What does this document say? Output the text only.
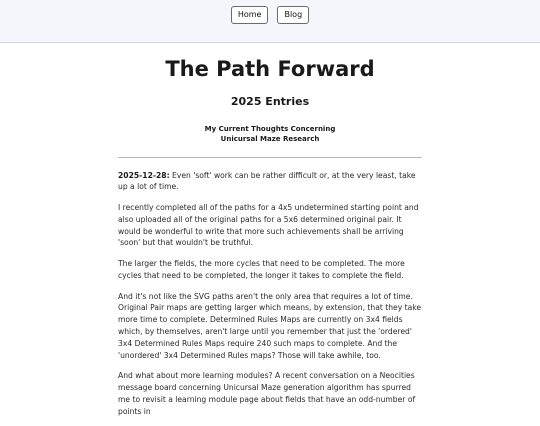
Home	Blog
The Path Forward
2025 Entries
My Current Thoughts Concerning
Unicursal Maze Research

2025-12-28: Even 'soft' work can be rather difficult or, at the very least, take up a lot of time.

I recently completed all of the paths for a 4x5 undetermined starting point and also uploaded all of the original paths for a 5x6 determined original pair. It would be wonderful to write that more such achievements shall be arriving 'soon' but that wouldn't be truthful.

The larger the fields, the more cycles that need to be completed. The more cycles that need to be completed, the longer it takes to complete the field.

And it's not like the SVG paths aren't the only area that requires a lot of time. Original Pair maps are getting larger which means, by extension, that they take more time to complete. Determined Rules Maps are currently on 3x4 fields which, by themselves, aren't large until you remember that just the 'ordered' 3x4 Determined Rules Maps require 240 such maps to complete. And the 'unordered' 3x4 Determined Rules maps? Those will take awhile, too.

And what about more learning modules? A recent conversation on a Neocities message board concerning Unicursal Maze generation algorithm has spurred me to revisit a learning module page about fields that have an odd-number of points in
